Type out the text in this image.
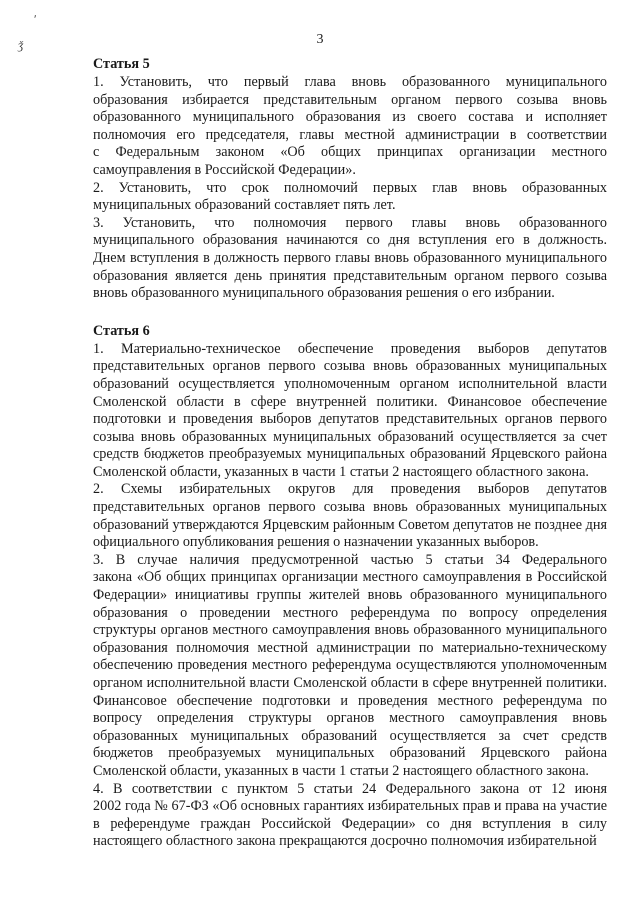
ʹ
ǯ	3

Статья 5

1. Установить, что первый глава вновь образованного муниципального
образования избирается представительным органом первого созыва вновь
образованного муниципального образования из своего состава и исполняет
полномочия его председателя, главы местной администрации в соответствии
с Федеральным законом «Об общих принципах организации местного
самоуправления в Российской Федерации».
2. Установить, что срок полномочий первых глав вновь образованных
муниципальных образований составляет пять лет.
3. Установить, что полномочия первого главы вновь образованного
муниципального образования начинаются со дня вступления его в должность.
Днем вступления в должность первого главы вновь образованного муниципального
образования является день принятия представительным органом первого созыва
вновь образованного муниципального образования решения о его избрании.

Статья 6

1. Материально-техническое обеспечение проведения выборов депутатов
представительных органов первого созыва вновь образованных муниципальных
образований осуществляется уполномоченным органом исполнительной власти
Смоленской области в сфере внутренней политики. Финансовое обеспечение
подготовки и проведения выборов депутатов представительных органов первого
созыва вновь образованных муниципальных образований осуществляется за счет
средств бюджетов преобразуемых муниципальных образований Ярцевского района
Смоленской области, указанных в части 1 статьи 2 настоящего областного закона.
2. Схемы избирательных округов для проведения выборов депутатов
представительных органов первого созыва вновь образованных муниципальных
образований утверждаются Ярцевским районным Советом депутатов не позднее дня
официального опубликования решения о назначении указанных выборов.
3. В случае наличия предусмотренной частью 5 статьи 34 Федерального
закона «Об общих принципах организации местного самоуправления в Российской
Федерации» инициативы группы жителей вновь образованного муниципального
образования о проведении местного референдума по вопросу определения
структуры органов местного самоуправления вновь образованного муниципального
образования полномочия местной администрации по материально-техническому
обеспечению проведения местного референдума осуществляются уполномоченным
органом исполнительной власти Смоленской области в сфере внутренней политики.
Финансовое обеспечение подготовки и проведения местного референдума по
вопросу определения структуры органов местного самоуправления вновь
образованных муниципальных образований осуществляется за счет средств
бюджетов преобразуемых муниципальных образований Ярцевского района
Смоленской области, указанных в части 1 статьи 2 настоящего областного закона.
4. В соответствии с пунктом 5 статьи 24 Федерального закона от 12 июня
2002 года № 67-ФЗ «Об основных гарантиях избирательных прав и права на участие
в референдуме граждан Российской Федерации» со дня вступления в силу
настоящего областного закона прекращаются досрочно полномочия избирательной
